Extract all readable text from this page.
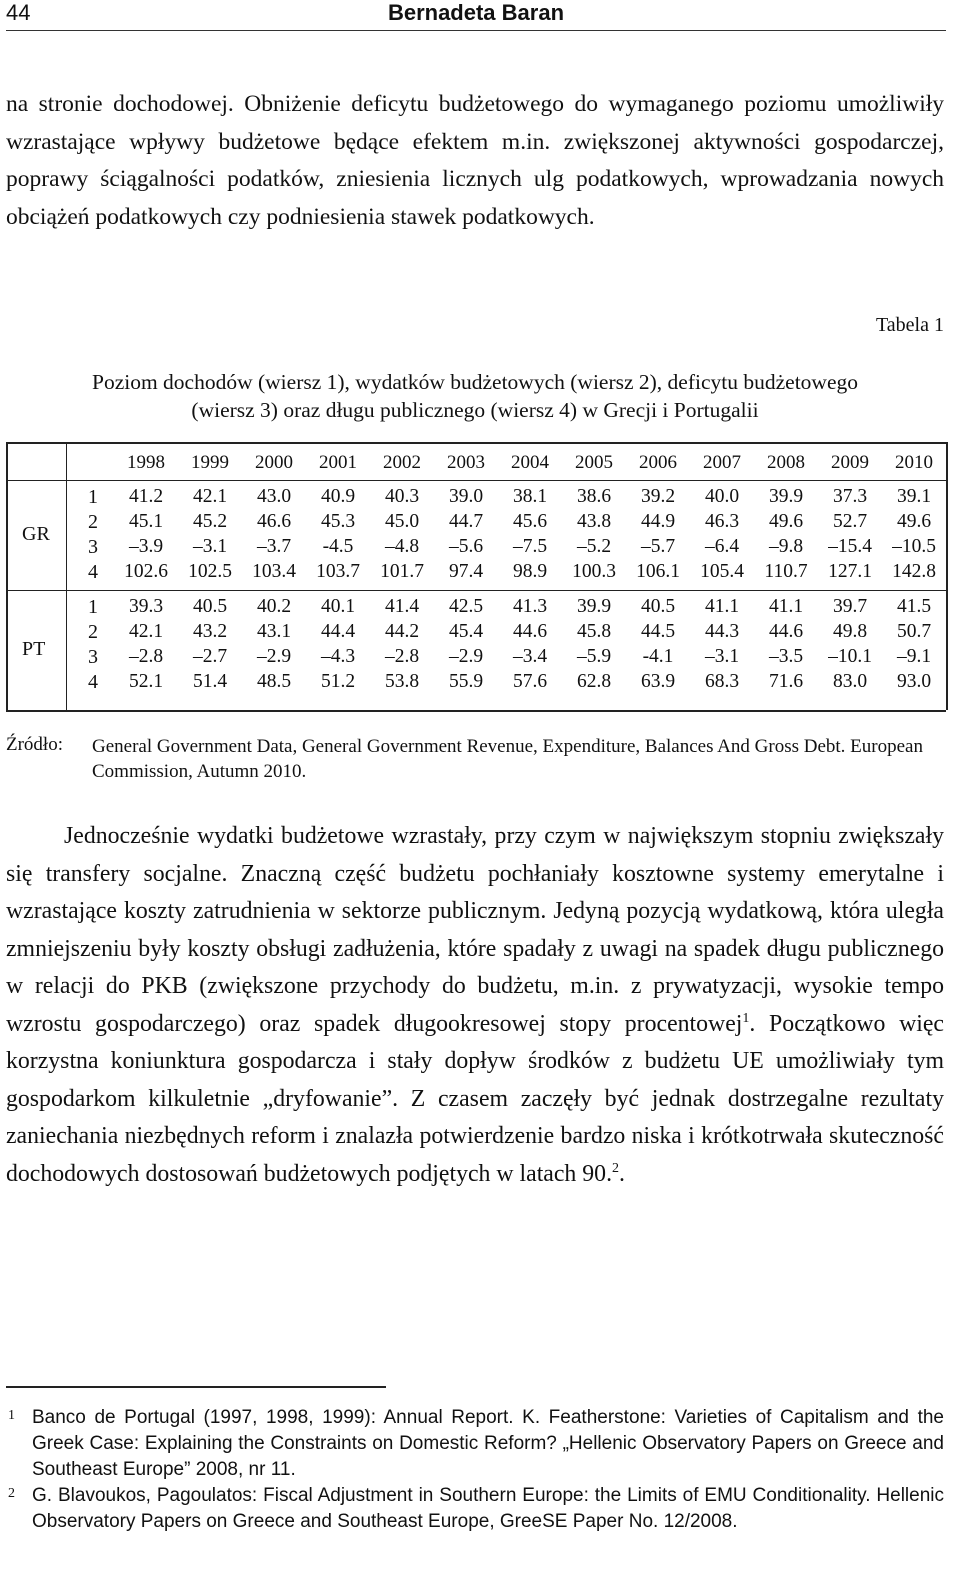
44	Bernadeta Baran
na stronie dochodowej. Obniżenie deficytu budżetowego do wymaganego poziomu umożliwiły wzrastające wpływy budżetowe będące efektem m.in. zwiększonej aktywności gospodarczej, poprawy ściągalności podatków, zniesienia licznych ulg podatkowych, wprowadzania nowych obciążeń podatkowych czy podniesienia stawek podatkowych.
Tabela 1
Poziom dochodów (wiersz 1), wydatków budżetowych (wiersz 2), deficytu budżetowego
(wiersz 3) oraz długu publicznego (wiersz 4) w Grecji i Portugalii
1998	1999	2000	2001	2002	2003	2004	2005	2006	2007	2008	2009	2010
GR
1	41.2	42.1	43.0	40.9	40.3	39.0	38.1	38.6	39.2	40.0	39.9	37.3	39.1
2	45.1	45.2	46.6	45.3	45.0	44.7	45.6	43.8	44.9	46.3	49.6	52.7	49.6
3	‒3.9	‒3.1	‒3.7	-4.5	‒4.8	‒5.6	‒7.5	‒5.2	‒5.7	‒6.4	‒9.8	‒15.4	‒10.5
4	102.6	102.5	103.4	103.7	101.7	97.4	98.9	100.3	106.1	105.4	110.7	127.1	142.8
PT
1	39.3	40.5	40.2	40.1	41.4	42.5	41.3	39.9	40.5	41.1	41.1	39.7	41.5
2	42.1	43.2	43.1	44.4	44.2	45.4	44.6	45.8	44.5	44.3	44.6	49.8	50.7
3	‒2.8	‒2.7	‒2.9	‒4.3	‒2.8	‒2.9	‒3.4	‒5.9	-4.1	‒3.1	‒3.5	‒10.1	‒9.1
4	52.1	51.4	48.5	51.2	53.8	55.9	57.6	62.8	63.9	68.3	71.6	83.0	93.0
Źródło: General Government Data, General Government Revenue, Expenditure, Balances And Gross Debt. European Commission, Autumn 2010.
Jednocześnie wydatki budżetowe wzrastały, przy czym w największym stopniu zwiększały się transfery socjalne. Znaczną część budżetu pochłaniały kosztowne systemy emerytalne i wzrastające koszty zatrudnienia w sektorze publicznym. Jedyną pozycją wydatkową, która uległa zmniejszeniu były koszty obsługi zadłużenia, które spadały z uwagi na spadek długu publicznego w relacji do PKB (zwiększone przychody do budżetu, m.in. z prywatyzacji, wysokie tempo wzrostu gospodarczego) oraz spadek długookresowej stopy procentowej$^1$. Początkowo więc korzystna koniunktura gospodarcza i stały dopływ środków z budżetu UE umożliwiały tym gospodarkom kilkuletnie „dryfowanie”. Z czasem zaczęły być jednak dostrzegalne rezultaty zaniechania niezbędnych reform i znalazła potwierdzenie bardzo niska i krótkotrwała skuteczność dochodowych dostosowań budżetowych podjętych w latach 90.$^2$.
1 Banco de Portugal (1997, 1998, 1999): Annual Report. K. Featherstone: Varieties of Capitalism and the Greek Case: Explaining the Constraints on Domestic Reform? „Hellenic Observatory Papers on Greece and Southeast Europe” 2008, nr 11.
2 G. Blavoukos, Pagoulatos: Fiscal Adjustment in Southern Europe: the Limits of EMU Conditionality. Hellenic Observatory Papers on Greece and Southeast Europe, GreeSE Paper No. 12/2008.
